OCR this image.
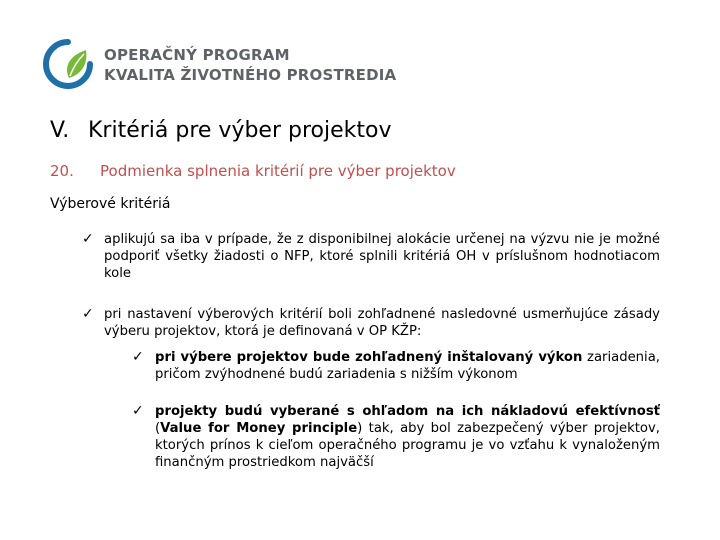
OPERAČNÝ PROGRAM
KVALITA ŽIVOTNÉHO PROSTREDIA
V. Kritériá pre výber projektov
20. Podmienka splnenia kritérií pre výber projektov
Výberové kritériá
✓ aplikujú sa iba v prípade, že z disponibilnej alokácie určenej na výzvu nie je možné podporiť všetky žiadosti o NFP, ktoré splnili kritériá OH v príslušnom hodnotiacom kole
✓ pri nastavení výberových kritérií boli zohľadnené nasledovné usmerňujúce zásady výberu projektov, ktorá je definovaná v OP KŽP:
✓ pri výbere projektov bude zohľadnený inštalovaný výkon zariadenia, pričom zvýhodnené budú zariadenia s nižším výkonom
✓ projekty budú vyberané s ohľadom na ich nákladovú efektívnosť (Value for Money principle) tak, aby bol zabezpečený výber projektov, ktorých prínos k cieľom operačného programu je vo vzťahu k vynaloženým finančným prostriedkom najväčší
